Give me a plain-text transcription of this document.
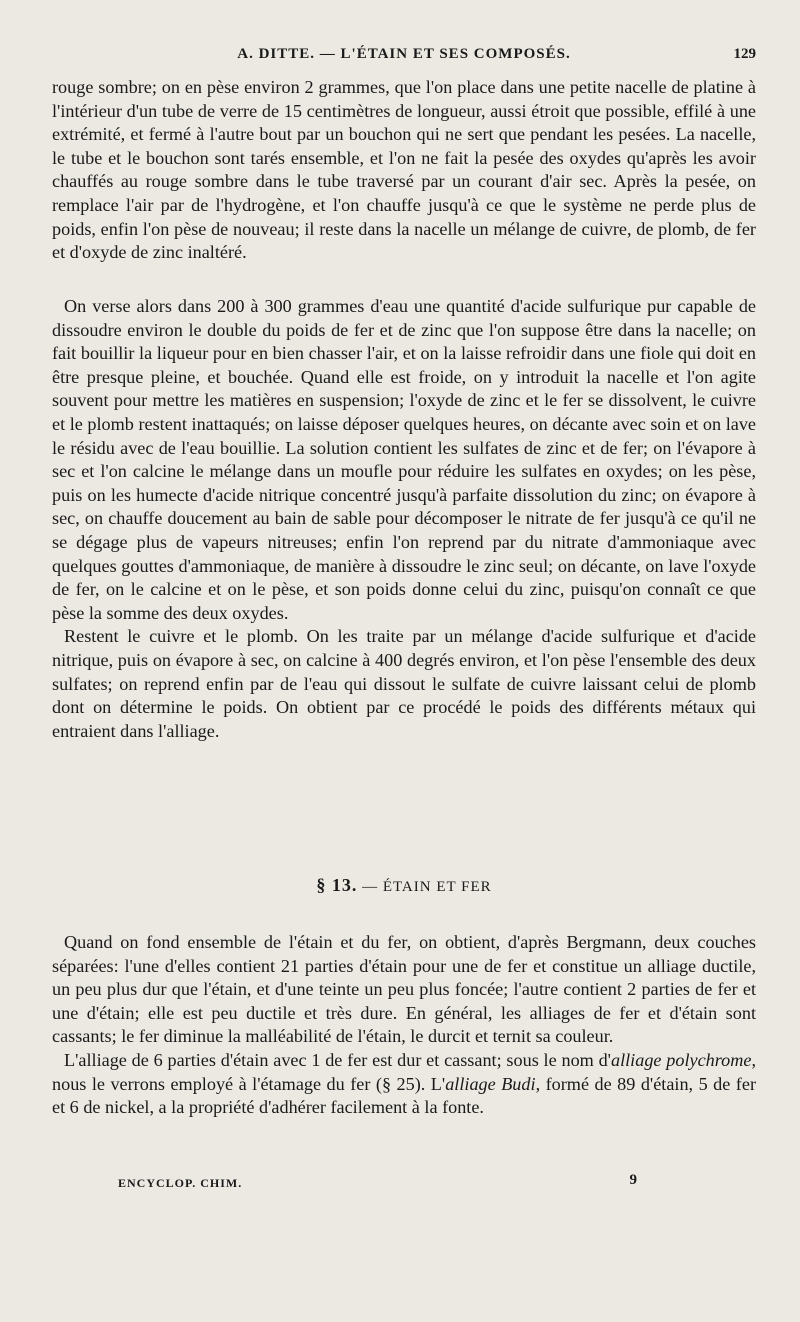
A. DITTE. — L'ÉTAIN ET SES COMPOSÉS.	129

rouge sombre; on en pèse environ 2 grammes, que l'on place dans une petite nacelle de platine à l'intérieur d'un tube de verre de 15 centimètres de longueur, aussi étroit que possible, effilé à une extrémité, et fermé à l'autre bout par un bouchon qui ne sert que pendant les pesées. La nacelle, le tube et le bouchon sont tarés ensemble, et l'on ne fait la pesée des oxydes qu'après les avoir chauffés au rouge sombre dans le tube traversé par un courant d'air sec. Après la pesée, on remplace l'air par de l'hydrogène, et l'on chauffe jusqu'à ce que le système ne perde plus de poids, enfin l'on pèse de nouveau; il reste dans la nacelle un mélange de cuivre, de plomb, de fer et d'oxyde de zinc inaltéré.

On verse alors dans 200 à 300 grammes d'eau une quantité d'acide sulfurique pur capable de dissoudre environ le double du poids de fer et de zinc que l'on suppose être dans la nacelle; on fait bouillir la liqueur pour en bien chasser l'air, et on la laisse refroidir dans une fiole qui doit en être presque pleine, et bouchée. Quand elle est froide, on y introduit la nacelle et l'on agite souvent pour mettre les matières en suspension; l'oxyde de zinc et le fer se dissolvent, le cuivre et le plomb restent inattaqués; on laisse déposer quelques heures, on décante avec soin et on lave le résidu avec de l'eau bouillie. La solution contient les sulfates de zinc et de fer; on l'évapore à sec et l'on calcine le mélange dans un moufle pour réduire les sulfates en oxydes; on les pèse, puis on les humecte d'acide nitrique concentré jusqu'à parfaite dissolution du zinc; on évapore à sec, on chauffe doucement au bain de sable pour décomposer le nitrate de fer jusqu'à ce qu'il ne se dégage plus de vapeurs nitreuses; enfin l'on reprend par du nitrate d'ammoniaque avec quelques gouttes d'ammoniaque, de manière à dissoudre le zinc seul; on décante, on lave l'oxyde de fer, on le calcine et on le pèse, et son poids donne celui du zinc, puisqu'on connaît ce que pèse la somme des deux oxydes.

Restent le cuivre et le plomb. On les traite par un mélange d'acide sulfurique et d'acide nitrique, puis on évapore à sec, on calcine à 400 degrés environ, et l'on pèse l'ensemble des deux sulfates; on reprend enfin par de l'eau qui dissout le sulfate de cuivre laissant celui de plomb dont on détermine le poids. On obtient par ce procédé le poids des différents métaux qui entraient dans l'alliage.

§ 13. — ÉTAIN ET FER

Quand on fond ensemble de l'étain et du fer, on obtient, d'après Bergmann, deux couches séparées: l'une d'elles contient 21 parties d'étain pour une de fer et constitue un alliage ductile, un peu plus dur que l'étain, et d'une teinte un peu plus foncée; l'autre contient 2 parties de fer et une d'étain; elle est peu ductile et très dure. En général, les alliages de fer et d'étain sont cassants; le fer diminue la malléabilité de l'étain, le durcit et ternit sa couleur.

L'alliage de 6 parties d'étain avec 1 de fer est dur et cassant; sous le nom d'alliage polychrome, nous le verrons employé à l'étamage du fer (§ 25). L'alliage Budi, formé de 89 d'étain, 5 de fer et 6 de nickel, a la propriété d'adhérer facilement à la fonte.

ENCYCLOP. CHIM.	9
